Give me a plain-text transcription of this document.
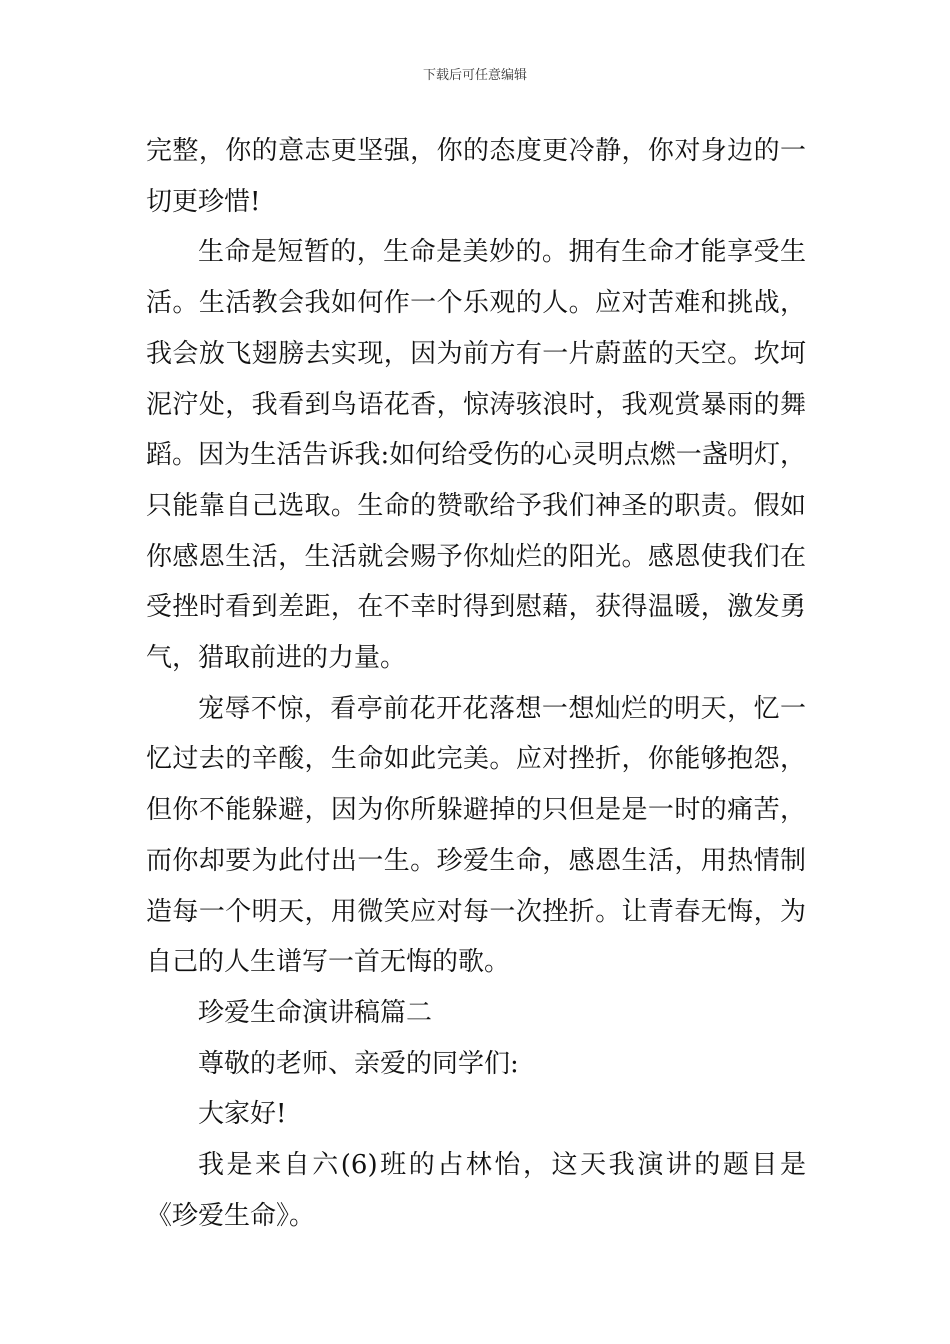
下载后可任意编辑

完整，你的意志更坚强，你的态度更冷静，你对身边的一切更珍惜!

生命是短暂的，生命是美妙的。拥有生命才能享受生活。生活教会我如何作一个乐观的人。应对苦难和挑战，我会放飞翅膀去实现，因为前方有一片蔚蓝的天空。坎坷泥泞处，我看到鸟语花香，惊涛骇浪时，我观赏暴雨的舞蹈。因为生活告诉我:如何给受伤的心灵明点燃一盏明灯，只能靠自己选取。生命的赞歌给予我们神圣的职责。假如你感恩生活，生活就会赐予你灿烂的阳光。感恩使我们在受挫时看到差距，在不幸时得到慰藉，获得温暖，激发勇气，猎取前进的力量。

宠辱不惊，看亭前花开花落想一想灿烂的明天，忆一忆过去的辛酸，生命如此完美。应对挫折，你能够抱怨，但你不能躲避，因为你所躲避掉的只但是是一时的痛苦，而你却要为此付出一生。珍爱生命，感恩生活，用热情制造每一个明天，用微笑应对每一次挫折。让青春无悔，为自己的人生谱写一首无悔的歌。

珍爱生命演讲稿篇二

尊敬的老师、亲爱的同学们:

大家好!

我是来自六(6)班的占林怡，这天我演讲的题目是《珍爱生命》。
